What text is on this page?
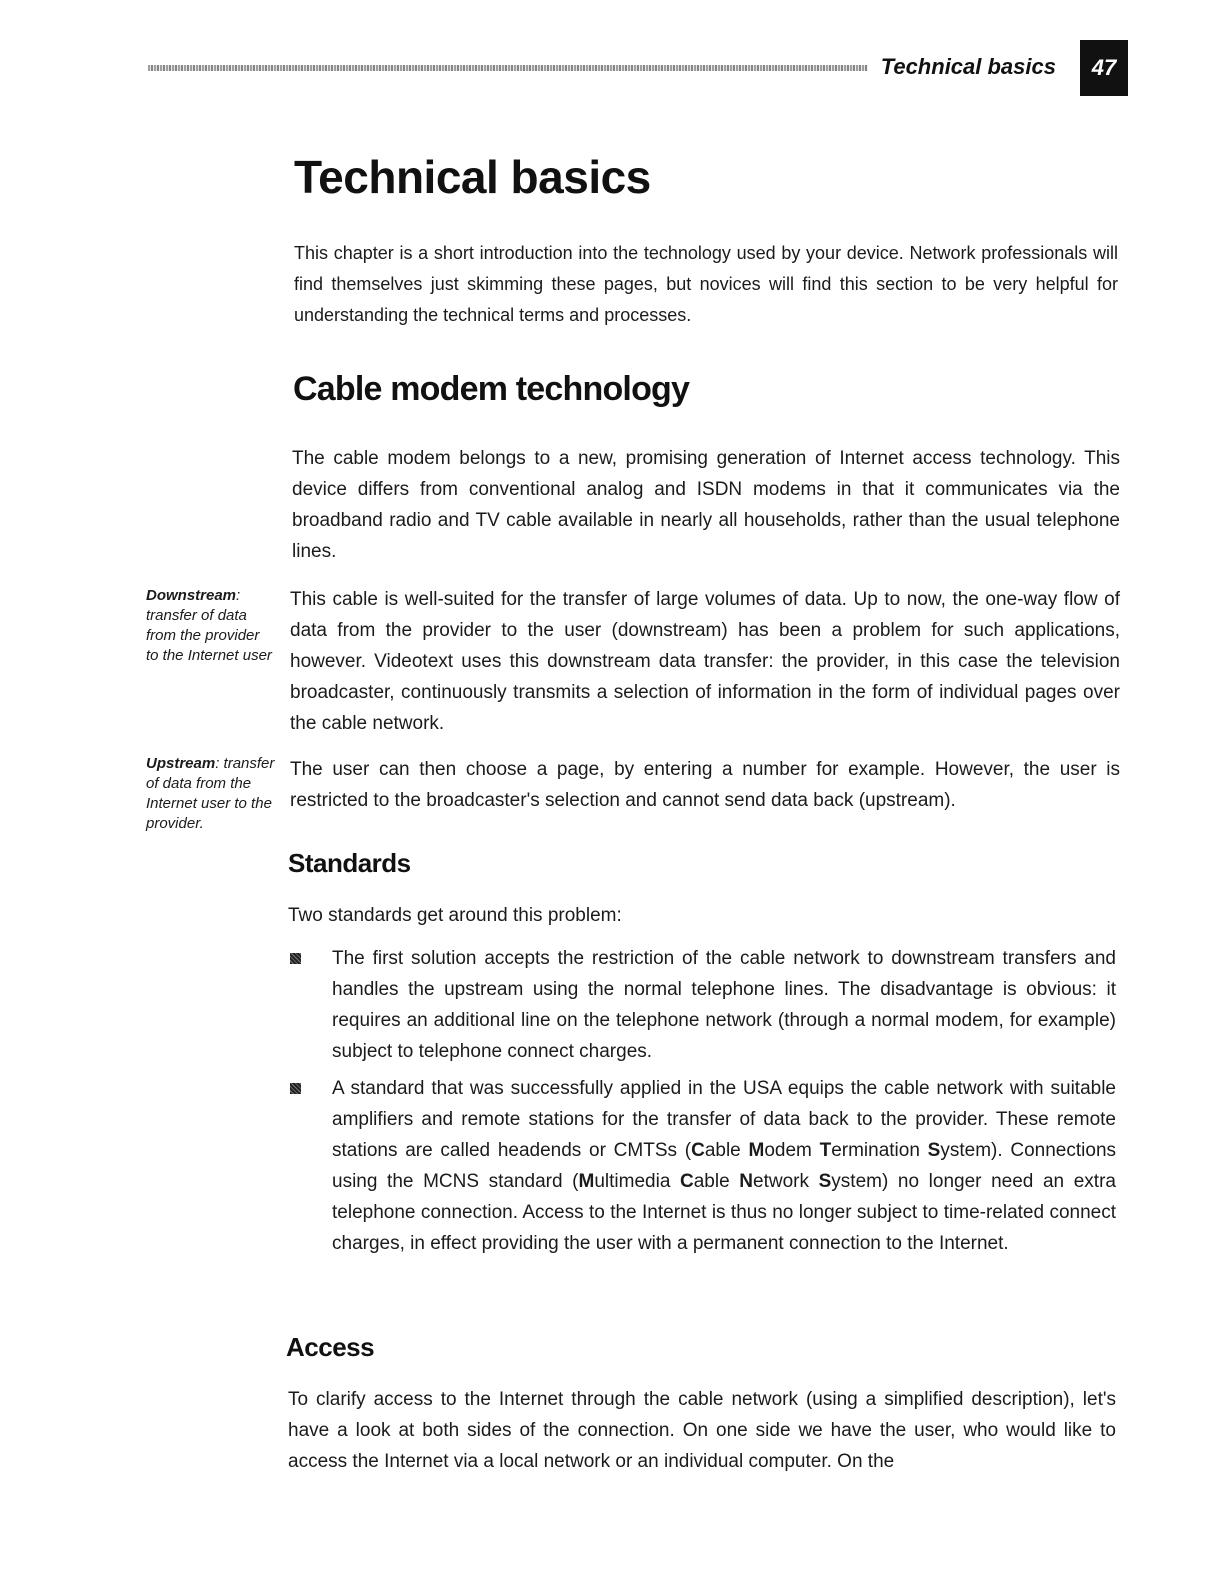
Technical basics	47
Technical basics

This chapter is a short introduction into the technology used by your device. Network professionals will find themselves just skimming these pages, but novices will find this section to be very helpful for understanding the technical terms and processes.

Cable modem technology

The cable modem belongs to a new, promising generation of Internet access technology. This device differs from conventional analog and ISDN modems in that it communicates via the broadband radio and TV cable available in nearly all households, rather than the usual telephone lines.

Downstream: transfer of data from the provider to the Internet user

This cable is well-suited for the transfer of large volumes of data. Up to now, the one-way flow of data from the provider to the user (downstream) has been a problem for such applications, however. Videotext uses this downstream data transfer: the provider, in this case the television broadcaster, continuously transmits a selection of information in the form of individual pages over the cable network.

Upstream: transfer of data from the Internet user to the provider.

The user can then choose a page, by entering a number for example. However, the user is restricted to the broadcaster's selection and cannot send data back (upstream).

Standards

Two standards get around this problem:

The first solution accepts the restriction of the cable network to downstream transfers and handles the upstream using the normal telephone lines. The disadvantage is obvious: it requires an additional line on the telephone network (through a normal modem, for example) subject to telephone connect charges.
A standard that was successfully applied in the USA equips the cable network with suitable amplifiers and remote stations for the transfer of data back to the provider. These remote stations are called headends or CMTSs (Cable Modem Termination System). Connections using the MCNS standard (Multimedia Cable Network System) no longer need an extra telephone connection. Access to the Internet is thus no longer subject to time-related connect charges, in effect providing the user with a permanent connection to the Internet.
Access

To clarify access to the Internet through the cable network (using a simplified description), let's have a look at both sides of the connection. On one side we have the user, who would like to access the Internet via a local network or an individual computer. On the
